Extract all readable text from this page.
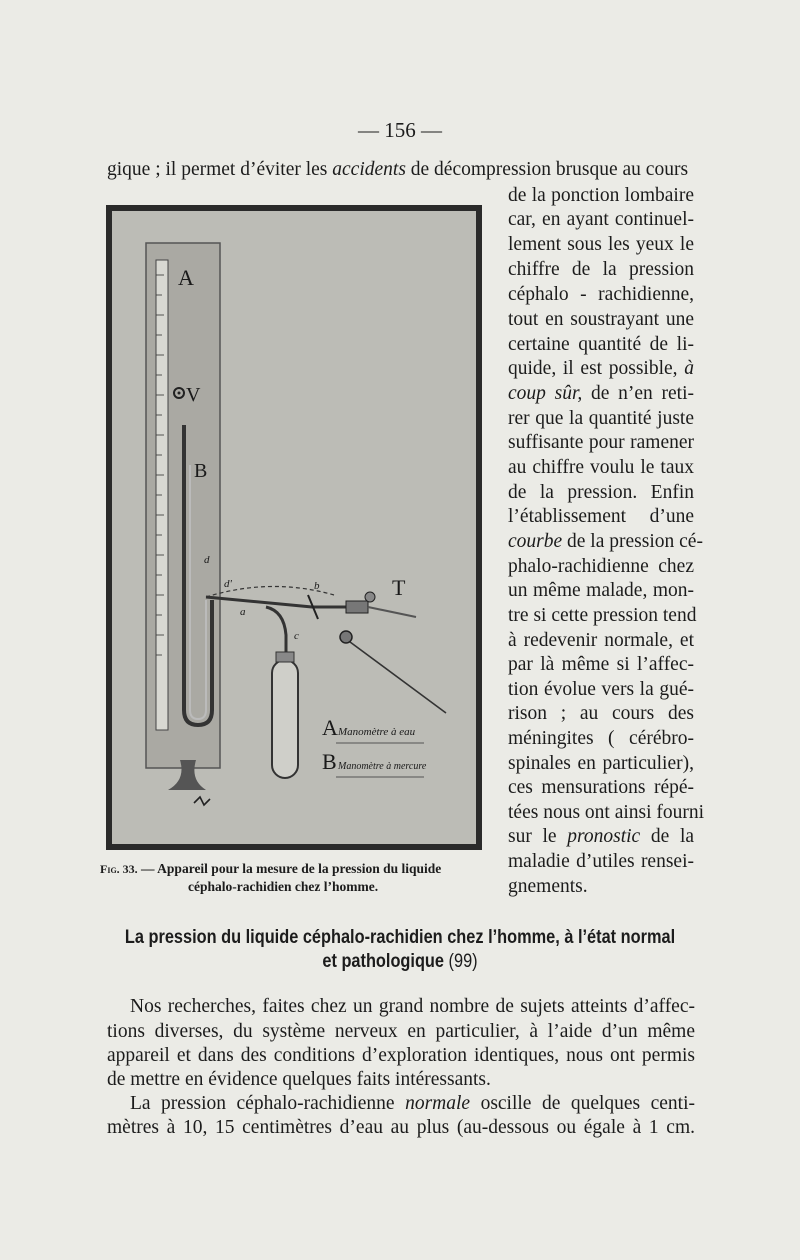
— 156 —
gique ; il permet d’éviter les accidents de décompression brusque au cours
de la ponction lombaire
car, en ayant continuel-
lement sous les yeux le
chiffre de la pression
céphalo - rachidienne,
tout en soustrayant une
certaine quantité de li-
quide, il est possible, à
coup sûr, de n’en reti-
rer que la quantité juste
suffisante pour ramener
au chiffre voulu le taux
de la pression. Enfin
l’établissement d’une
courbe de la pression cé-
phalo-rachidienne chez
un même malade, mon-
tre si cette pression tend
à redevenir normale, et
par là même si l’affec-
tion évolue vers la gué-
rison ; au cours des
méningites ( cérébro-
spinales en particulier),
ces mensurations répé-
tées nous ont ainsi fourni
sur le pronostic de la
maladie d’utiles rensei-
gnements.
A
V
B
T
d
d'	b
a
c
A Manomètre à eau
B Manomètre à mercure
Fig. 33. — Appareil pour la mesure de la pression du liquide
céphalo-rachidien chez l’homme.
La pression du liquide céphalo-rachidien chez l’homme, à l’état normal
et pathologique (99)
Nos recherches, faites chez un grand nombre de sujets atteints d’affec-
tions diverses, du système nerveux en particulier, à l’aide d’un même
appareil et dans des conditions d’exploration identiques, nous ont permis
de mettre en évidence quelques faits intéressants.
La pression céphalo-rachidienne normale oscille de quelques centi-
mètres à 10, 15 centimètres d’eau au plus (au-dessous ou égale à 1 cm.
